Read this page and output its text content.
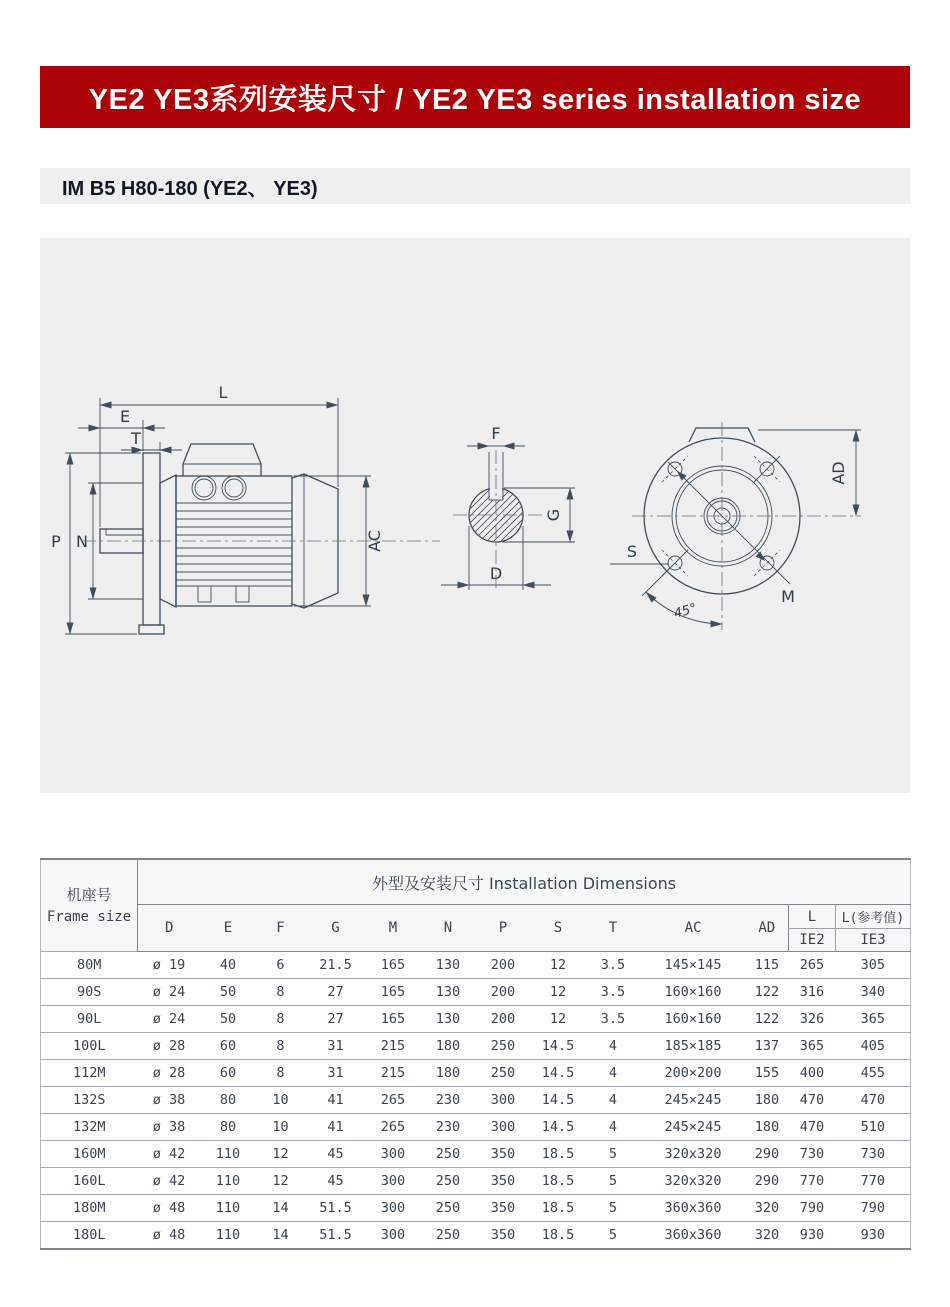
YE2 YE3系列安装尺寸 / YE2 YE3 series installation size
IM B5 H80-180 (YE2、 YE3)
L
E
T
P N	AC
F
G
D
M
S
45°
AD
机座号
Frame size	外型及安装尺寸 Installation Dimensions												
	D	E	F	G	M	N	P	S	T	AC	AD	L	L(参考值)
												IE2	IE3
80M	ø 19	40	6	21.5	165	130	200	12	3.5	145×145	115	265	305
90S	ø 24	50	8	27	165	130	200	12	3.5	160×160	122	316	340
90L	ø 24	50	8	27	165	130	200	12	3.5	160×160	122	326	365
100L	ø 28	60	8	31	215	180	250	14.5	4	185×185	137	365	405
112M	ø 28	60	8	31	215	180	250	14.5	4	200×200	155	400	455
132S	ø 38	80	10	41	265	230	300	14.5	4	245×245	180	470	470
132M	ø 38	80	10	41	265	230	300	14.5	4	245×245	180	470	510
160M	ø 42	110	12	45	300	250	350	18.5	5	320x320	290	730	730
160L	ø 42	110	12	45	300	250	350	18.5	5	320x320	290	770	770
180M	ø 48	110	14	51.5	300	250	350	18.5	5	360x360	320	790	790
180L	ø 48	110	14	51.5	300	250	350	18.5	5	360x360	320	930	930
